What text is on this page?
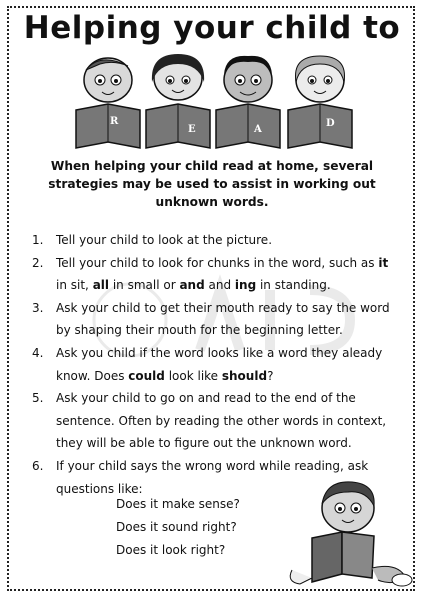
Helping your child to
R
E	A
D
When helping your child read at home, several strategies may be used to assist in working out unknown words.
1. Tell your child to look at the picture.
2. Tell your child to look for chunks in the word, such as it in sit, all in small or and and ing in standing.
3. Ask your child to get their mouth ready to say the word by shaping their mouth for the beginning letter.
4. Ask you child if the word looks like a word they aleady know. Does could look like should?
5. Ask your child to go on and read to the end of the sentence. Often by reading the other words in context, they will be able to figure out the unknown word.
6. If your child says the wrong word while reading, ask questions like:
Does it make sense?
Does it sound right?
Does it look right?
